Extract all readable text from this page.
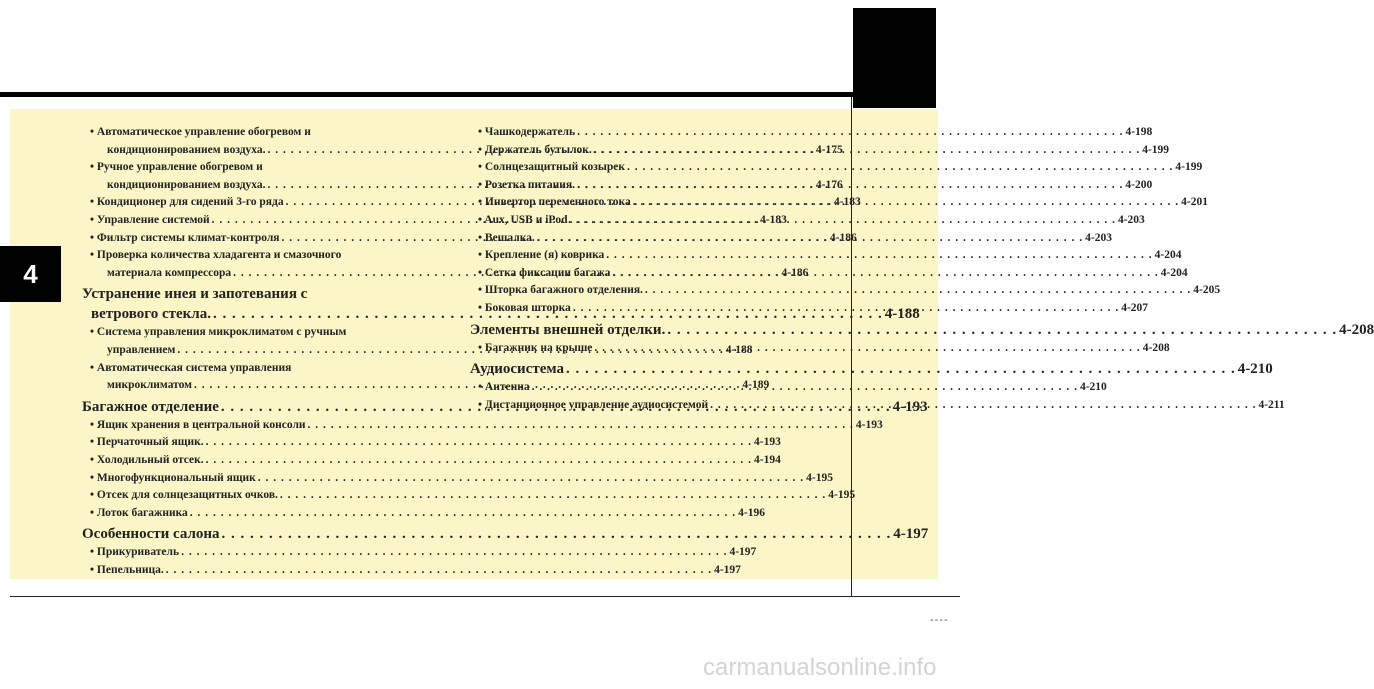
4
• Автоматическое управление обогревом и
кондиционированием воздуха. . . .	4-175
• Ручное управление обогревом и
кондиционированием воздуха. . . .	4-176
• Кондиционер для сидений 3-го ряда . . .	4-183
• Управление системой . . .	4-183
• Фильтр системы климат-контроля . . .	4-186
• Проверка количества хладагента и смазочного
материала компрессора . . .	4-186
Устранение инея и запотевания с
ветрового стекла. . . .	4-188
• Система управления микроклиматом с ручным
управлением . . .	4-188
• Автоматическая система управления
микроклиматом . . .	4-189
Багажное отделение . . .	4-193
• Ящик хранения в центральной консоли . . .	4-193
• Перчаточный ящик. . . .	4-193
• Холодильный отсек. . . .	4-194
• Многофункциональный ящик . . .	4-195
• Отсек для солнцезащитных очков. . . .	4-195
• Лоток багажника . . .	4-196
Особенности салона . . .	4-197
• Прикуриватель . . .	4-197
• Пепельница. . . .	4-197
• Чашкодержатель . . .	4-198
• Держатель бутылок. . . .	4-199
• Солнцезащитный козырек . . .	4-199
• Розетка питания. . . .	4-200
• Инвертор переменного тока . . .	4-201
• Aux, USB и iPod . . .	4-203
• Вешалка. . . .	4-203
• Крепление (я) коврика . . .	4-204
• Сетка фиксации багажа . . .	4-204
• Шторка багажного отделения. . . .	4-205
• Боковая шторка . . .	4-207
Элементы внешней отделки. . . .	4-208
• Багажник на крыше . . .	4-208
Аудиосистема . . .	4-210
• Антенна . . .	4-210
• Дистанционное управление аудиосистемой . . .	4-211
----
carmanualsonline.info
